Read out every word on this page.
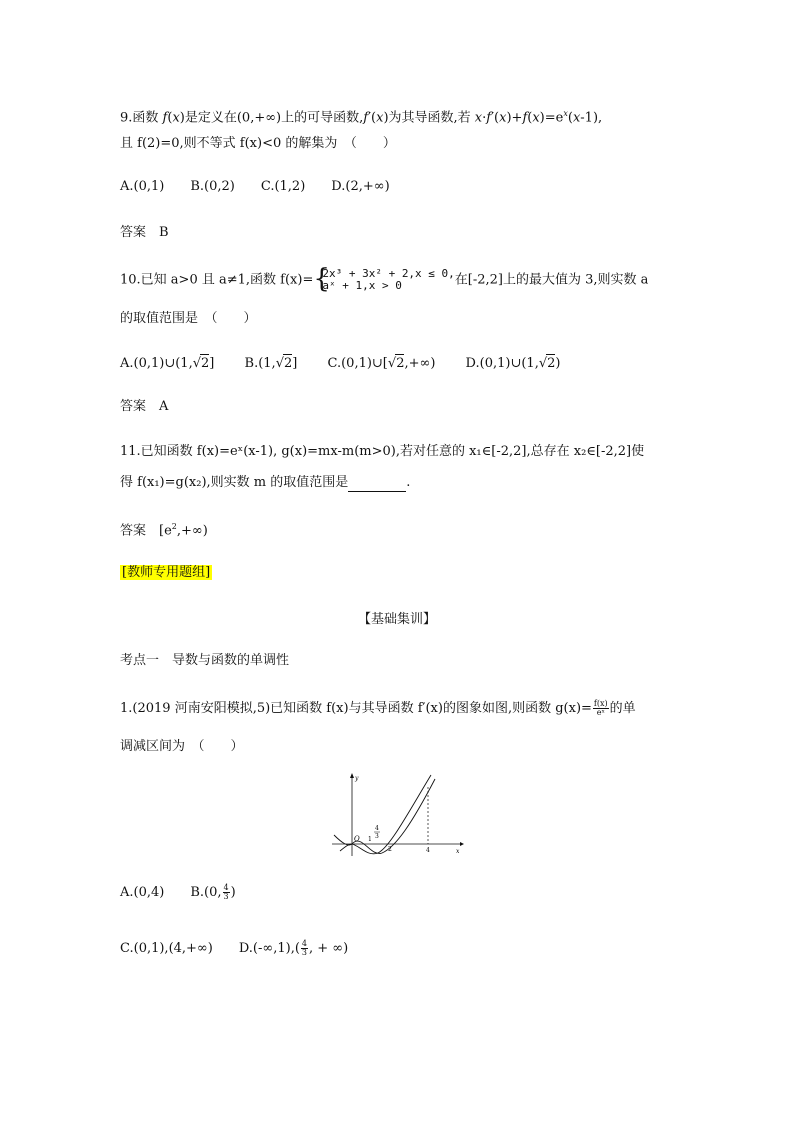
9.函数 f(x)是定义在(0,+∞)上的可导函数,f′(x)为其导函数,若 $x\cdot f'(x)+f(x)=e^x(x-1)$,
且 f(2)=0,则不等式 f(x)<0 的解集为　（　　）
A.(0,1)　　B.(0,2)　　C.(1,2)　　D.(2,+∞)
答案　B
10.已知 a>0 且 a≠1,函数 f(x)= {
2x³ + 3x² + 2,x ≤ 0,
aˣ + 1,x > 0	在[-2,2]上的最大值为 3,则实数 a
的取值范围是　（　　）
A.(0,1)∪(1,√2]　　 B.(1,√2]　　 C.(0,1)∪[√2,+∞)　　 D.(0,1)∪(1,√2)
答案　A
11.已知函数 f(x)=eˣ(x-1), g(x)=mx-m(m>0),若对任意的 x₁∈[-2,2],总存在 x₂∈[-2,2]使
得 f(x₁)=g(x₂),则实数 m 的取值范围是	.
答案　$[e^2,+\infty)$
[教师专用题组]
【基础集训】
考点一　导数与函数的单调性
1.(2019 河南安阳模拟,5)已知函数 f(x)与其导函数 f′(x)的图象如图,则函数 $g(x)= \frac{f(x)}{\text{eˣ}}$ 的单
调减区间为　（　　）
y
x
O 1
4
3
2	4
A.(0,4)　　B.(0, $\frac{4}{3}$ )
C.(0,1),(4,+∞)　　$D.(-\infty,1),( \frac{4}{3}$ , + ∞)
